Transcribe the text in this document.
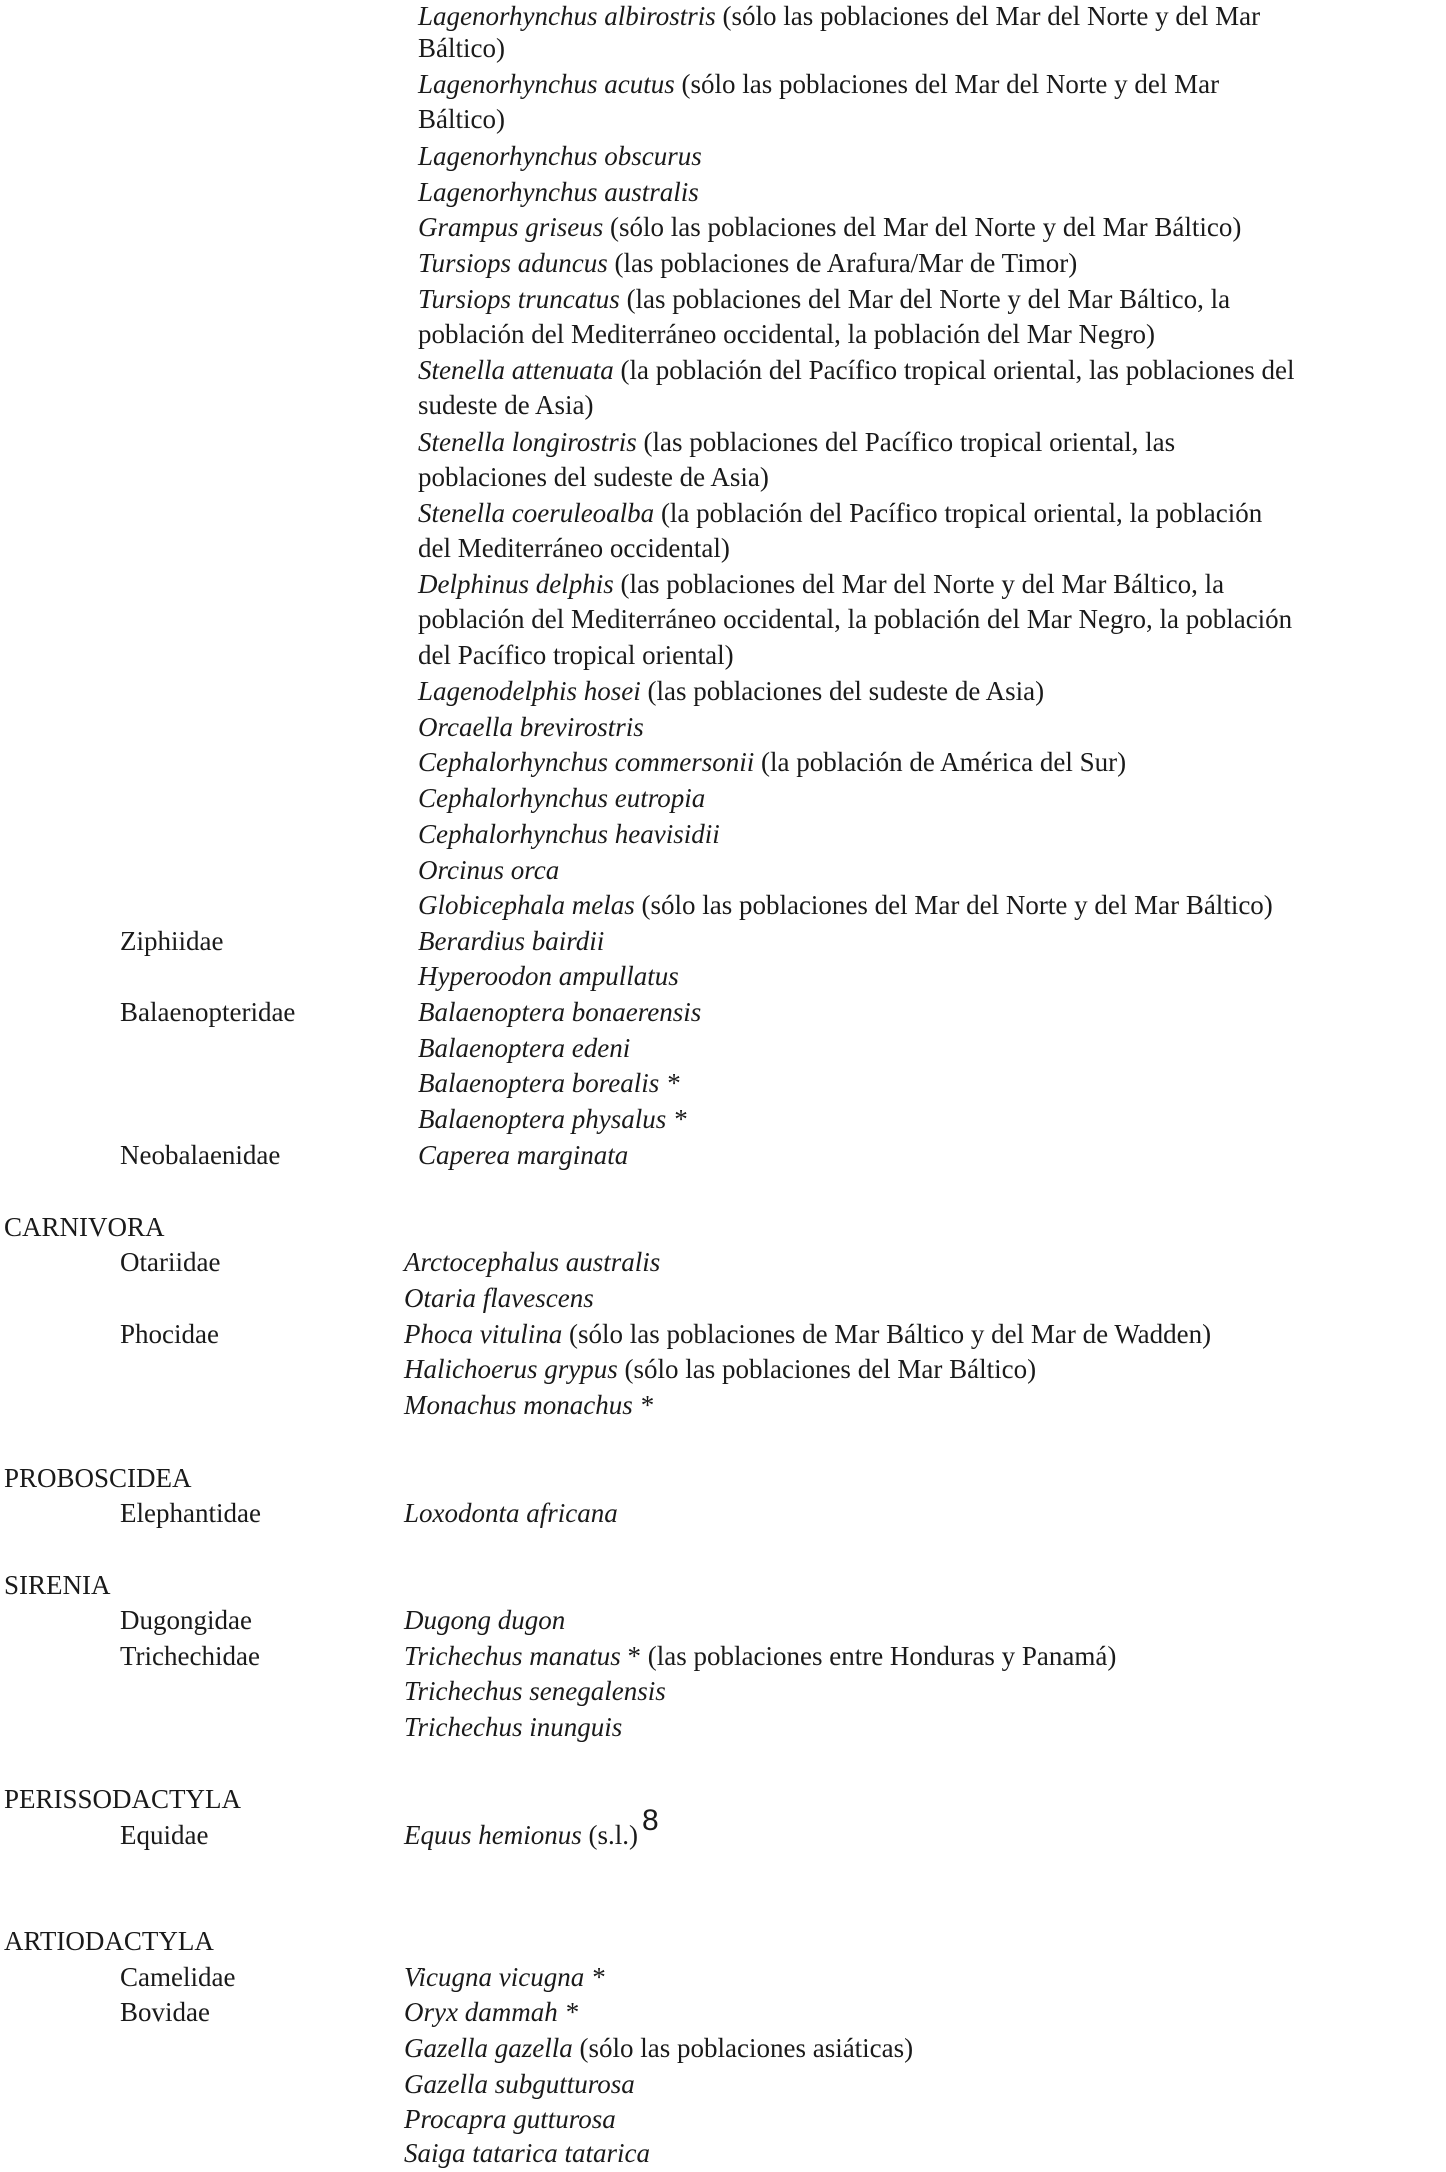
Lagenorhynchus albirostris (sólo las poblaciones del Mar del Norte y del Mar
Báltico)
Lagenorhynchus acutus (sólo las poblaciones del Mar del Norte y del Mar
Báltico)
Lagenorhynchus obscurus
Lagenorhynchus australis
Grampus griseus (sólo las poblaciones del Mar del Norte y del Mar Báltico)
Tursiops aduncus (las poblaciones de Arafura/Mar de Timor)
Tursiops truncatus (las poblaciones del Mar del Norte y del Mar Báltico, la
población del Mediterráneo occidental, la población del Mar Negro)
Stenella attenuata (la población del Pacífico tropical oriental, las poblaciones del
sudeste de Asia)
Stenella longirostris (las poblaciones del Pacífico tropical oriental, las
poblaciones del sudeste de Asia)
Stenella coeruleoalba (la población del Pacífico tropical oriental, la población
del Mediterráneo occidental)
Delphinus delphis (las poblaciones del Mar del Norte y del Mar Báltico, la
población del Mediterráneo occidental, la población del Mar Negro, la población
del Pacífico tropical oriental)
Lagenodelphis hosei (las poblaciones del sudeste de Asia)
Orcaella brevirostris
Cephalorhynchus commersonii (la población de América del Sur)
Cephalorhynchus eutropia
Cephalorhynchus heavisidii
Orcinus orca
Globicephala melas (sólo las poblaciones del Mar del Norte y del Mar Báltico)
Ziphiidae	Berardius bairdii
Hyperoodon ampullatus
Balaenopteridae	Balaenoptera bonaerensis
Balaenoptera edeni
Balaenoptera borealis *
Balaenoptera physalus *
Neobalaenidae	Caperea marginata
CARNIVORA
Otariidae	Arctocephalus australis
Otaria flavescens
Phocidae	Phoca vitulina (sólo las poblaciones de Mar Báltico y del Mar de Wadden)
Halichoerus grypus (sólo las poblaciones del Mar Báltico)
Monachus monachus *
PROBOSCIDEA
Elephantidae	Loxodonta africana
SIRENIA
Dugongidae	Dugong dugon
Trichechidae	Trichechus manatus * (las poblaciones entre Honduras y Panamá)
Trichechus senegalensis
Trichechus inunguis
PERISSODACTYLA
Equidae	Equus hemionus (s.l.) 8
ARTIODACTYLA
Camelidae	Vicugna vicugna *
Bovidae	Oryx dammah *
Gazella gazella (sólo las poblaciones asiáticas)
Gazella subgutturosa
Procapra gutturosa
Saiga tatarica tatarica
